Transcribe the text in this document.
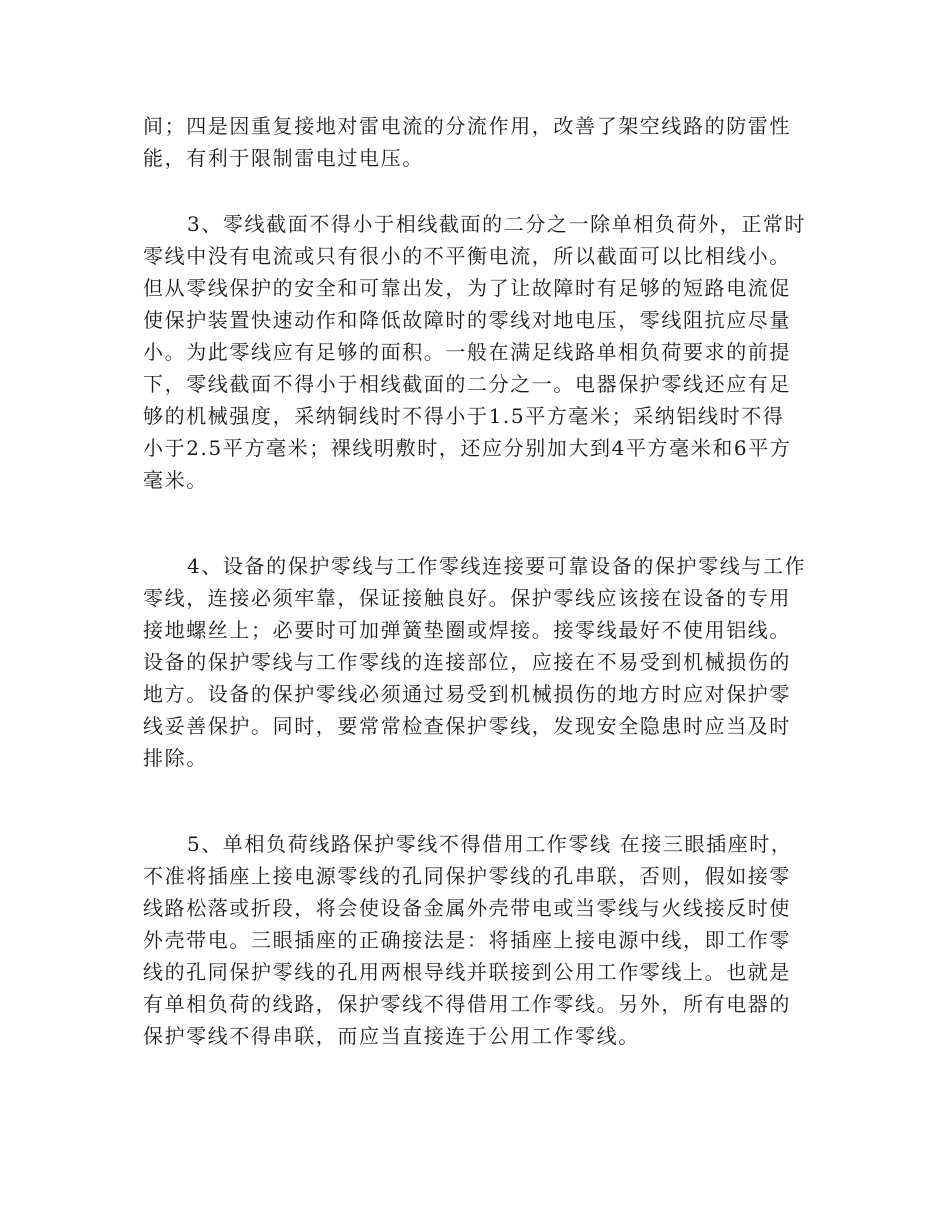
间；四是因重复接地对雷电流的分流作用，改善了架空线路的防雷性
能，有利于限制雷电过电压。

3、零线截面不得小于相线截面的二分之一除单相负荷外，正常时
零线中没有电流或只有很小的不平衡电流，所以截面可以比相线小。
但从零线保护的安全和可靠出发，为了让故障时有足够的短路电流促
使保护装置快速动作和降低故障时的零线对地电压，零线阻抗应尽量
小。为此零线应有足够的面积。一般在满足线路单相负荷要求的前提
下，零线截面不得小于相线截面的二分之一。电器保护零线还应有足
够的机械强度，采纳铜线时不得小于1.5平方毫米；采纳铝线时不得
小于2.5平方毫米；裸线明敷时，还应分别加大到4平方毫米和6平方
毫米。

4、设备的保护零线与工作零线连接要可靠设备的保护零线与工作
零线，连接必须牢靠，保证接触良好。保护零线应该接在设备的专用
接地螺丝上；必要时可加弹簧垫圈或焊接。接零线最好不使用铝线。
设备的保护零线与工作零线的连接部位，应接在不易受到机械损伤的
地方。设备的保护零线必须通过易受到机械损伤的地方时应对保护零
线妥善保护。同时，要常常检查保护零线，发现安全隐患时应当及时
排除。

5、单相负荷线路保护零线不得借用工作零线 在接三眼插座时，
不准将插座上接电源零线的孔同保护零线的孔串联，否则，假如接零
线路松落或折段，将会使设备金属外壳带电或当零线与火线接反时使
外壳带电。三眼插座的正确接法是：将插座上接电源中线，即工作零
线的孔同保护零线的孔用两根导线并联接到公用工作零线上。也就是
有单相负荷的线路，保护零线不得借用工作零线。另外，所有电器的
保护零线不得串联，而应当直接连于公用工作零线。
